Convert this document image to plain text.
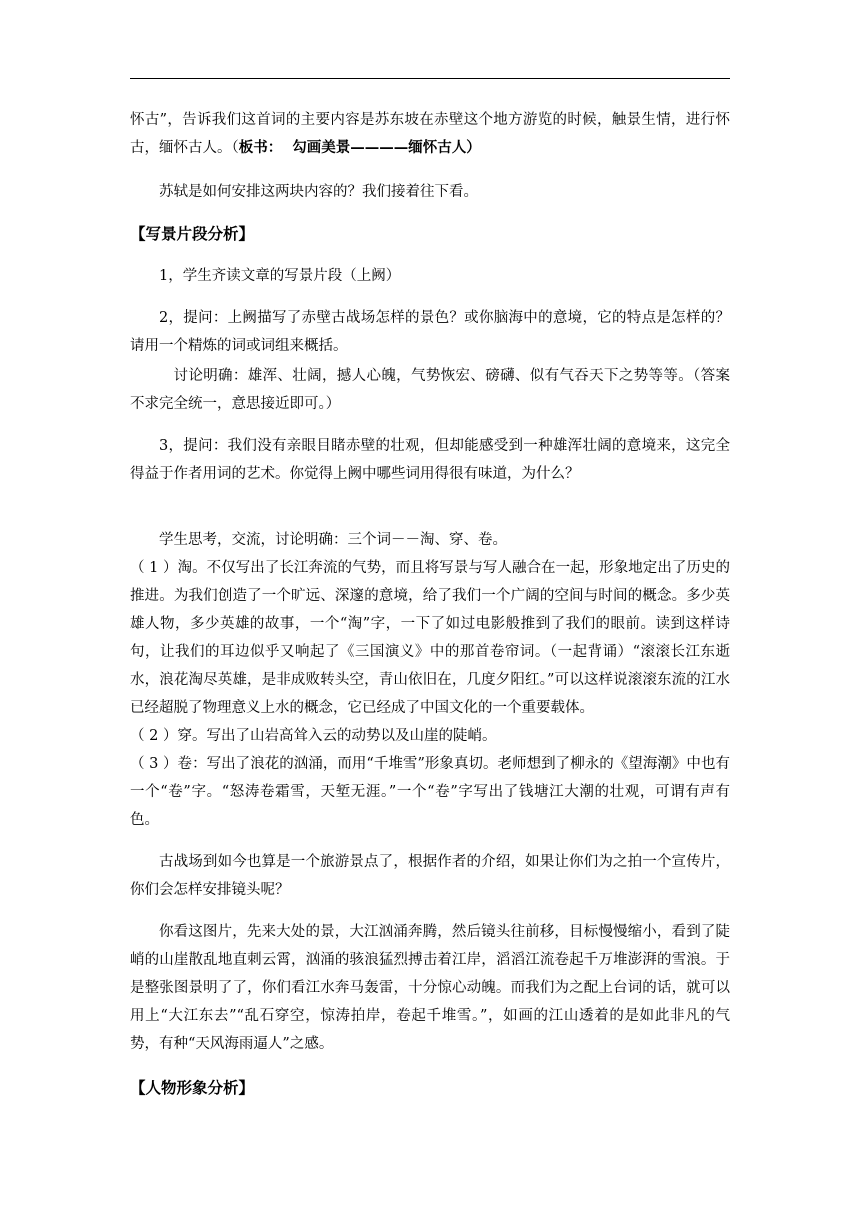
怀古”，告诉我们这首词的主要内容是苏东坡在赤壁这个地方游览的时候，触景生情，进行怀古，缅怀古人。（板书： 勾画美景————缅怀古人）

苏轼是如何安排这两块内容的？我们接着往下看。

【写景片段分析】

1，学生齐读文章的写景片段（上阙）

2，提问：上阙描写了赤壁古战场怎样的景色？或你脑海中的意境，它的特点是怎样的？请用一个精炼的词或词组来概括。

讨论明确：雄浑、壮阔，撼人心魄，气势恢宏、磅礴、似有气吞天下之势等等。（答案不求完全统一，意思接近即可。）

3，提问：我们没有亲眼目睹赤壁的壮观，但却能感受到一种雄浑壮阔的意境来，这完全得益于作者用词的艺术。你觉得上阙中哪些词用得很有味道，为什么？

学生思考，交流，讨论明确：三个词－－淘、穿、卷。

（ 1 ）淘。不仅写出了长江奔流的气势，而且将写景与写人融合在一起，形象地定出了历史的推进。为我们创造了一个旷远、深邃的意境，给了我们一个广阔的空间与时间的概念。多少英雄人物，多少英雄的故事，一个“淘”字，一下了如过电影般推到了我们的眼前。读到这样诗句，让我们的耳边似乎又响起了《三国演义》中的那首卷帘词。（一起背诵）“滚滚长江东逝水，浪花淘尽英雄，是非成败转头空，青山依旧在，几度夕阳红。”可以这样说滚滚东流的江水已经超脱了物理意义上水的概念，它已经成了中国文化的一个重要载体。

（ 2 ）穿。写出了山岩高耸入云的动势以及山崖的陡峭。

（ 3 ）卷：写出了浪花的汹涌，而用“千堆雪”形象真切。老师想到了柳永的《望海潮》中也有一个“卷”字。“怒涛卷霜雪，天堑无涯。”一个“卷”字写出了钱塘江大潮的壮观，可谓有声有色。

古战场到如今也算是一个旅游景点了，根据作者的介绍，如果让你们为之拍一个宣传片，你们会怎样安排镜头呢？

你看这图片，先来大处的景，大江汹涌奔腾，然后镜头往前移，目标慢慢缩小，看到了陡峭的山崖散乱地直刺云霄，汹涌的骇浪猛烈搏击着江岸，滔滔江流卷起千万堆澎湃的雪浪。于是整张图景明了了，你们看江水奔马轰雷，十分惊心动魄。而我们为之配上台词的话，就可以用上“大江东去”“乱石穿空，惊涛拍岸，卷起千堆雪。”，如画的江山透着的是如此非凡的气势，有种“天风海雨逼人”之感。

【人物形象分析】
